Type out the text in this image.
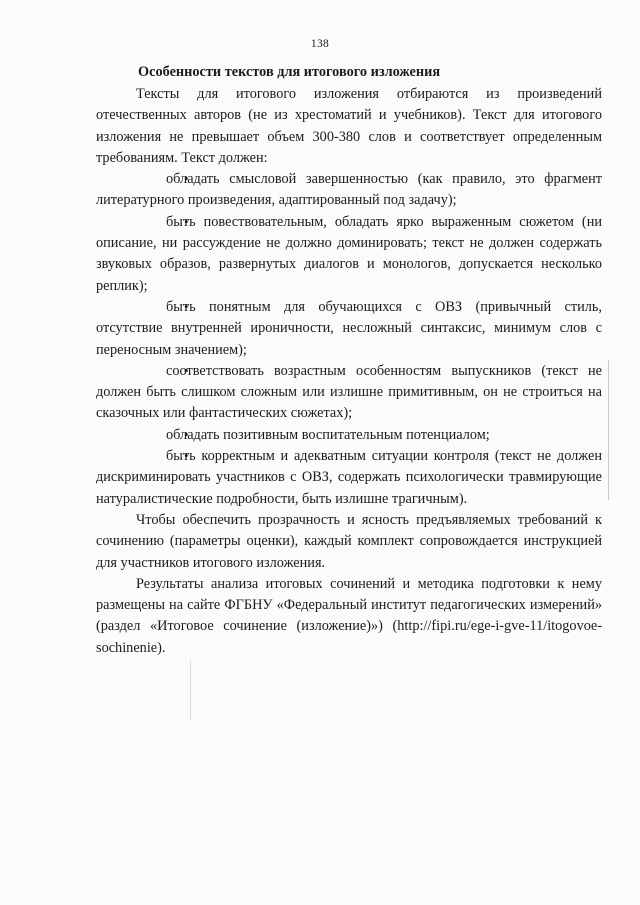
138
Особенности текстов для итогового изложения

Тексты для итогового изложения отбираются из произведений отечественных авторов (не из хрестоматий и учебников). Текст для итогового изложения не превышает объем 300-380 слов и соответствует определенным требованиям. Текст должен:

обладать смысловой завершенностью (как правило, это фрагмент литературного произведения, адаптированный под задачу);

быть повествовательным, обладать ярко выраженным сюжетом (ни описание, ни рассуждение не должно доминировать; текст не должен содержать звуковых образов, развернутых диалогов и монологов, допускается несколько реплик);

быть понятным для обучающихся с ОВЗ (привычный стиль, отсутствие внутренней ироничности, несложный синтаксис, минимум слов с переносным значением);

соответствовать возрастным особенностям выпускников (текст не должен быть слишком сложным или излишне примитивным, он не строиться на сказочных или фантастических сюжетах);

обладать позитивным воспитательным потенциалом;

быть корректным и адекватным ситуации контроля (текст не должен дискриминировать участников с ОВЗ, содержать психологически травмирующие натуралистические подробности, быть излишне трагичным).

Чтобы обеспечить прозрачность и ясность предъявляемых требований к сочинению (параметры оценки), каждый комплект сопровождается инструкцией для участников итогового изложения.

Результаты анализа итоговых сочинений и методика подготовки к нему размещены на сайте ФГБНУ «Федеральный институт педагогических измерений» (раздел «Итоговое сочинение (изложение)») (http://fipi.ru/ege-i-gve-11/itogovoe-sochinenie).
